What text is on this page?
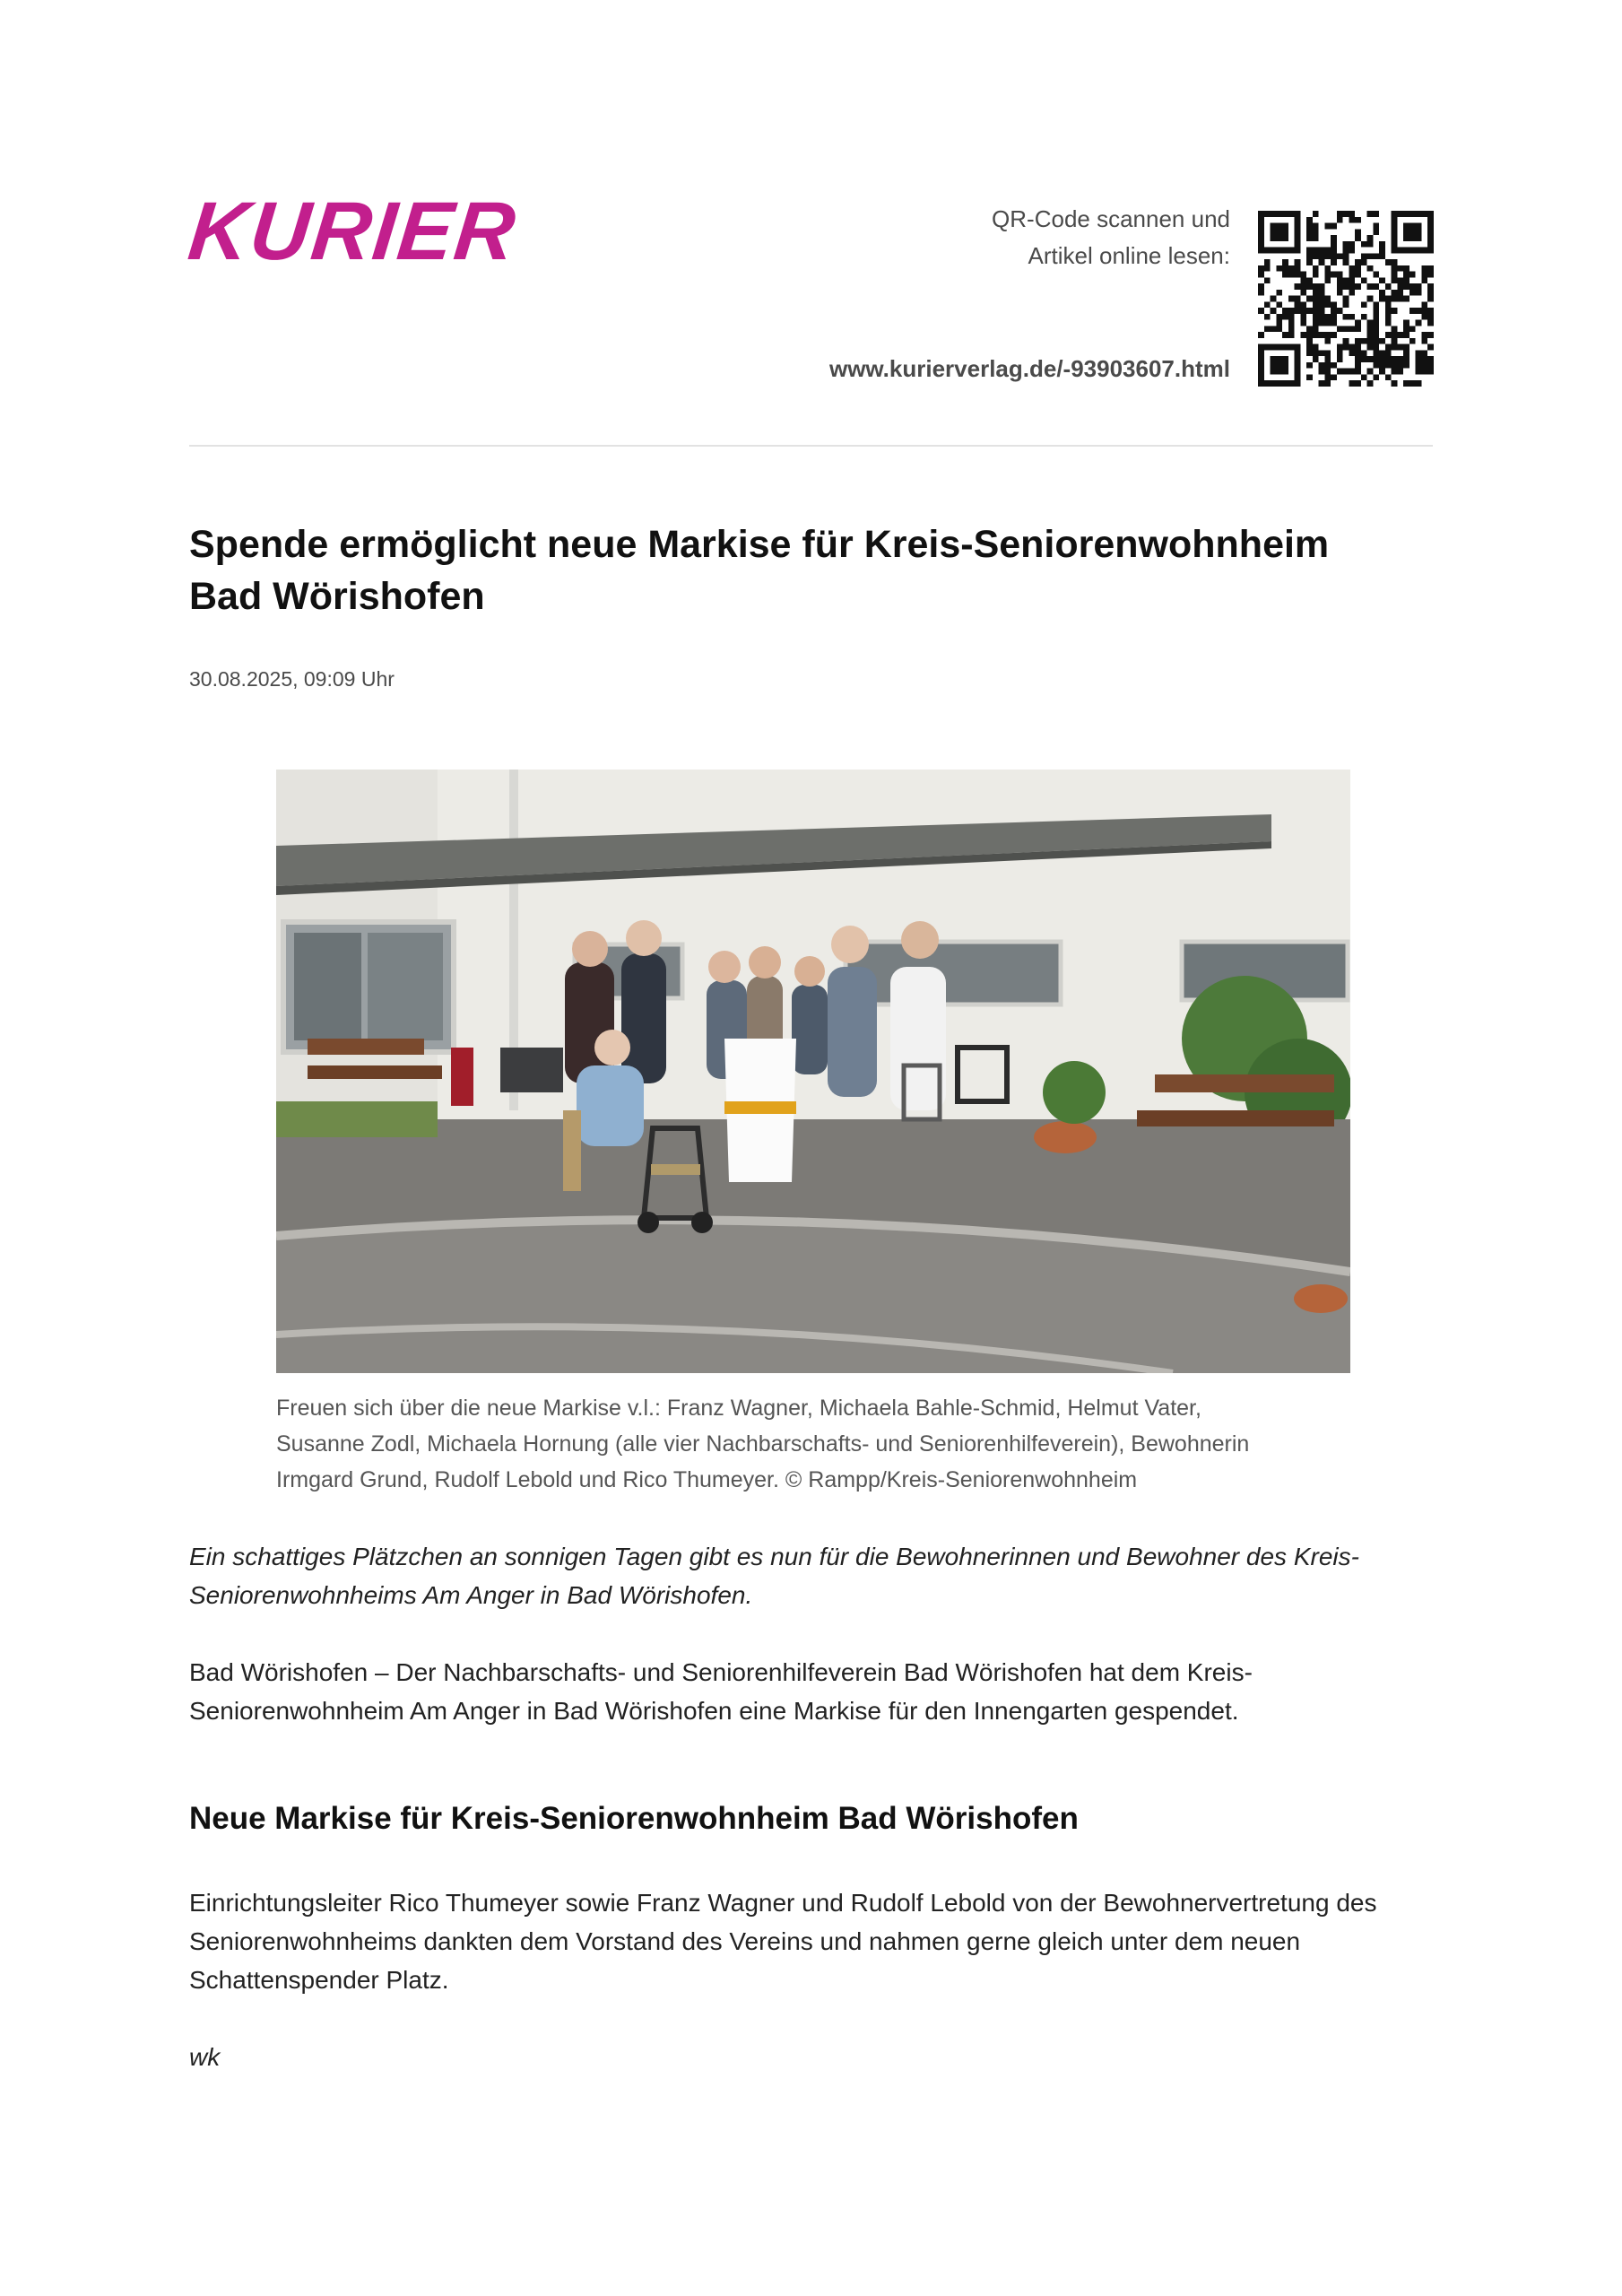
KURIER	QR-Code scannen und
Artikel online lesen:
www.kurierverlag.de/-93903607.html
Spende ermöglicht neue Markise für Kreis-Seniorenwohnheim
Bad Wörishofen
30.08.2025, 09:09 Uhr
Freuen sich über die neue Markise v.l.: Franz Wagner, Michaela Bahle-Schmid, Helmut Vater,
Susanne Zodl, Michaela Hornung (alle vier Nachbarschafts- und Seniorenhilfeverein), Bewohnerin
Irmgard Grund, Rudolf Lebold und Rico Thumeyer. © Rampp/Kreis-Seniorenwohnheim
Ein schattiges Plätzchen an sonnigen Tagen gibt es nun für die Bewohnerinnen und Bewohner des Kreis-
Seniorenwohnheims Am Anger in Bad Wörishofen.
Bad Wörishofen – Der Nachbarschafts- und Seniorenhilfeverein Bad Wörishofen hat dem Kreis-
Seniorenwohnheim Am Anger in Bad Wörishofen eine Markise für den Innengarten gespendet.
Neue Markise für Kreis-Seniorenwohnheim Bad Wörishofen
Einrichtungsleiter Rico Thumeyer sowie Franz Wagner und Rudolf Lebold von der Bewohnervertretung des
Seniorenwohnheims dankten dem Vorstand des Vereins und nahmen gerne gleich unter dem neuen
Schattenspender Platz.
wk
